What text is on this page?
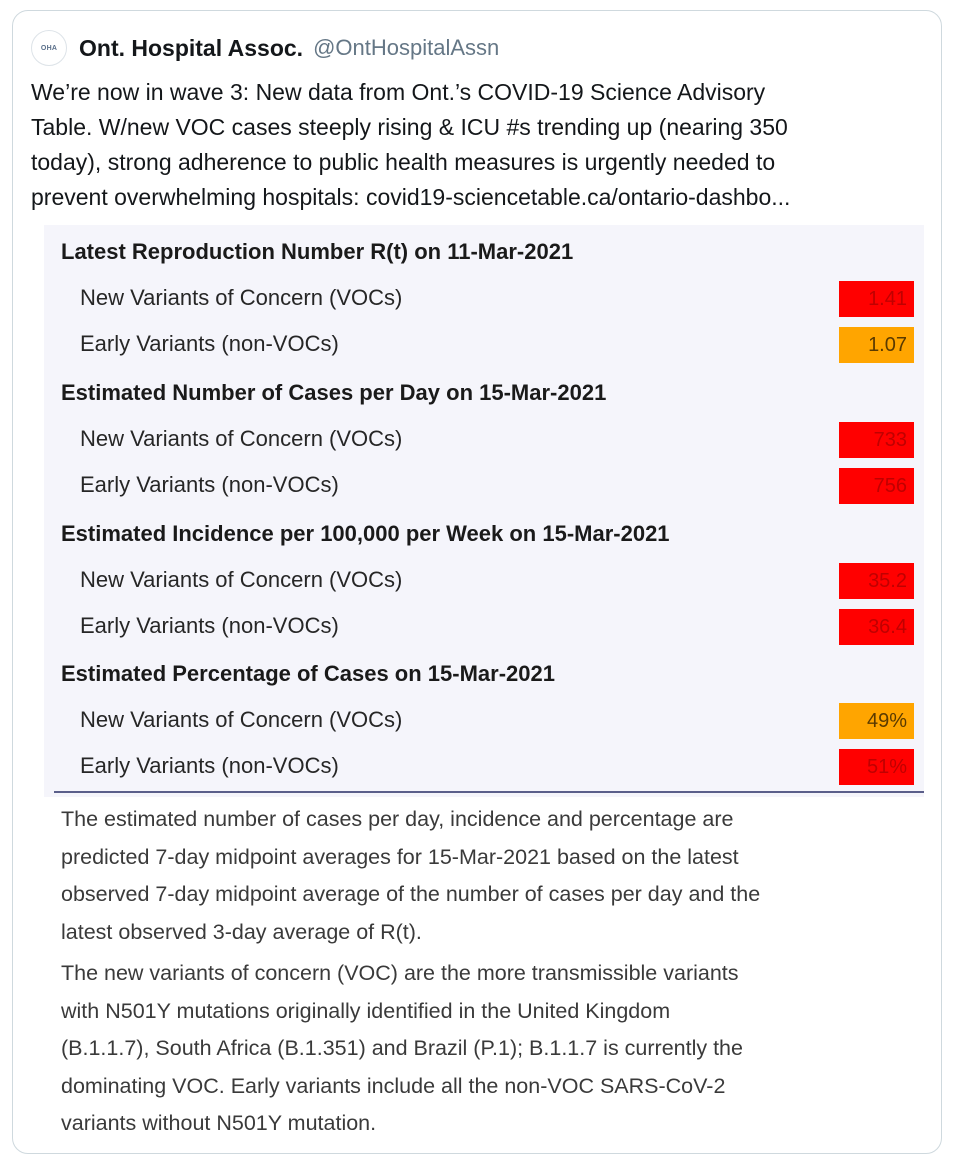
OHA Ont. Hospital Assoc. @OntHospitalAssn

We’re now in wave 3: New data from Ont.’s COVID-19 Science Advisory
Table. W/new VOC cases steeply rising & ICU #s trending up (nearing 350
today), strong adherence to public health measures is urgently needed to
prevent overwhelming hospitals: covid19-sciencetable.ca/ontario-dashbo...

Latest Reproduction Number R(t) on 11-Mar-2021
New Variants of Concern (VOCs)	1.41
Early Variants (non-VOCs)	1.07
Estimated Number of Cases per Day on 15-Mar-2021
New Variants of Concern (VOCs)	733
Early Variants (non-VOCs)	756
Estimated Incidence per 100,000 per Week on 15-Mar-2021
New Variants of Concern (VOCs)	35.2
Early Variants (non-VOCs)	36.4
Estimated Percentage of Cases on 15-Mar-2021
New Variants of Concern (VOCs)	49%
Early Variants (non-VOCs)	51%

The estimated number of cases per day, incidence and percentage are
predicted 7-day midpoint averages for 15-Mar-2021 based on the latest
observed 7-day midpoint average of the number of cases per day and the
latest observed 3-day average of R(t).

The new variants of concern (VOC) are the more transmissible variants
with N501Y mutations originally identified in the United Kingdom
(B.1.1.7), South Africa (B.1.351) and Brazil (P.1); B.1.1.7 is currently the
dominating VOC. Early variants include all the non-VOC SARS-CoV-2
variants without N501Y mutation.
